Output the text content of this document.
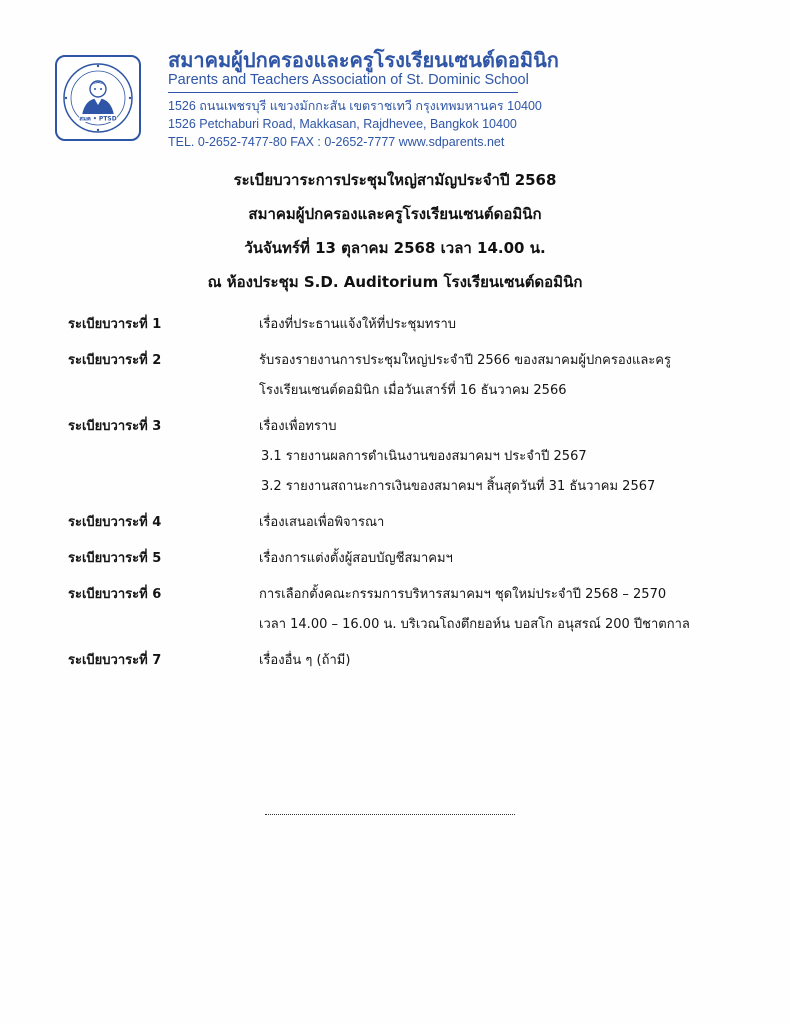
สมค • PTSD
สมาคมผู้ปกครองและครูโรงเรียนเซนต์ดอมินิก
Parents and Teachers Association of St. Dominic School
1526 ถนนเพชรบุรี แขวงมักกะสัน เขตราชเทวี กรุงเทพมหานคร 10400
1526 Petchaburi Road, Makkasan, Rajdhevee, Bangkok 10400
TEL. 0-2652-7477-80 FAX : 0-2652-7777 www.sdparents.net
ระเบียบวาระการประชุมใหญ่สามัญประจำปี 2568
สมาคมผู้ปกครองและครูโรงเรียนเซนต์ดอมินิก
วันจันทร์ที่ 13 ตุลาคม 2568 เวลา 14.00 น.
ณ ห้องประชุม S.D. Auditorium โรงเรียนเซนต์ดอมินิก
ระเบียบวาระที่ 1	เรื่องที่ประธานแจ้งให้ที่ประชุมทราบ
ระเบียบวาระที่ 2	รับรองรายงานการประชุมใหญ่ประจำปี 2566 ของสมาคมผู้ปกครองและครู
โรงเรียนเซนต์ดอมินิก เมื่อวันเสาร์ที่ 16 ธันวาคม 2566
ระเบียบวาระที่ 3	เรื่องเพื่อทราบ
3.1 รายงานผลการดำเนินงานของสมาคมฯ ประจำปี 2567
3.2 รายงานสถานะการเงินของสมาคมฯ สิ้นสุดวันที่ 31 ธันวาคม 2567
ระเบียบวาระที่ 4	เรื่องเสนอเพื่อพิจารณา
ระเบียบวาระที่ 5	เรื่องการแต่งตั้งผู้สอบบัญชีสมาคมฯ
ระเบียบวาระที่ 6	การเลือกตั้งคณะกรรมการบริหารสมาคมฯ ชุดใหม่ประจำปี 2568 – 2570
เวลา 14.00 – 16.00 น. บริเวณโถงตึกยอห์น บอสโก อนุสรณ์ 200 ปีชาตกาล
ระเบียบวาระที่ 7	เรื่องอื่น ๆ (ถ้ามี)
